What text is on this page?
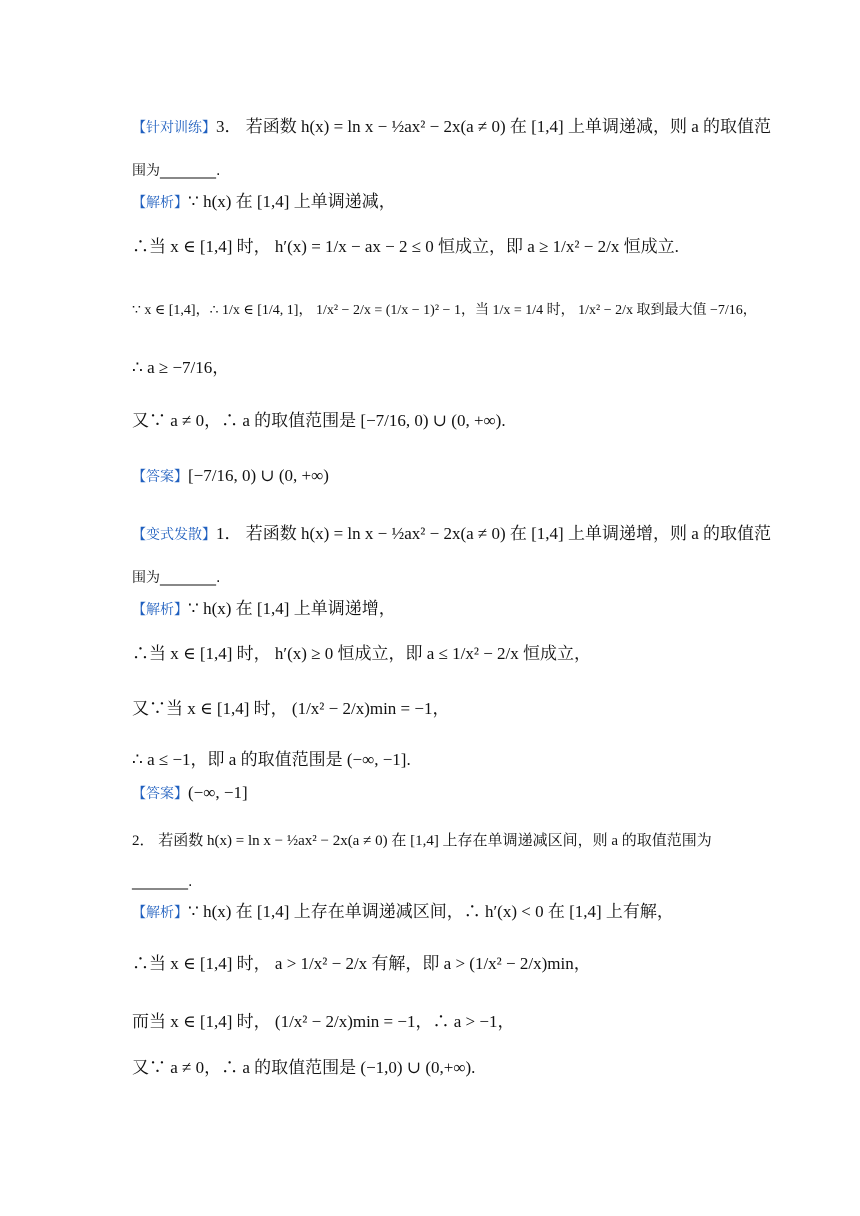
【针对训练】3． 若函数 h(x) = ln x − ½ax² − 2x(a ≠ 0) 在 [1,4] 上单调递减，则 a 的取值范
围为________.
【解析】∵ h(x) 在 [1,4] 上单调递减，
∴当 x ∈ [1,4] 时， h′(x) = 1/x − ax − 2 ≤ 0 恒成立，即 a ≥ 1/x² − 2/x 恒成立.
∵ x ∈ [1,4]，∴ 1/x ∈ [1/4, 1]， 1/x² − 2/x = (1/x − 1)² − 1，当 1/x = 1/4 时， 1/x² − 2/x 取到最大值 −7/16，
∴ a ≥ −7/16，
又∵ a ≠ 0，∴ a 的取值范围是 [−7/16, 0) ∪ (0, +∞).
【答案】[−7/16, 0) ∪ (0, +∞)
【变式发散】1． 若函数 h(x) = ln x − ½ax² − 2x(a ≠ 0) 在 [1,4] 上单调递增，则 a 的取值范
围为________.
【解析】∵ h(x) 在 [1,4] 上单调递增，
∴当 x ∈ [1,4] 时， h′(x) ≥ 0 恒成立，即 a ≤ 1/x² − 2/x 恒成立，
又∵当 x ∈ [1,4] 时， (1/x² − 2/x)min = −1，
∴ a ≤ −1，即 a 的取值范围是 (−∞, −1].
【答案】(−∞, −1]
2． 若函数 h(x) = ln x − ½ax² − 2x(a ≠ 0) 在 [1,4] 上存在单调递减区间，则 a 的取值范围为
________.
【解析】∵ h(x) 在 [1,4] 上存在单调递减区间，∴ h′(x) < 0 在 [1,4] 上有解，
∴当 x ∈ [1,4] 时， a > 1/x² − 2/x 有解，即 a > (1/x² − 2/x)min，
而当 x ∈ [1,4] 时， (1/x² − 2/x)min = −1，∴ a > −1，
又∵ a ≠ 0，∴ a 的取值范围是 (−1,0) ∪ (0,+∞).
